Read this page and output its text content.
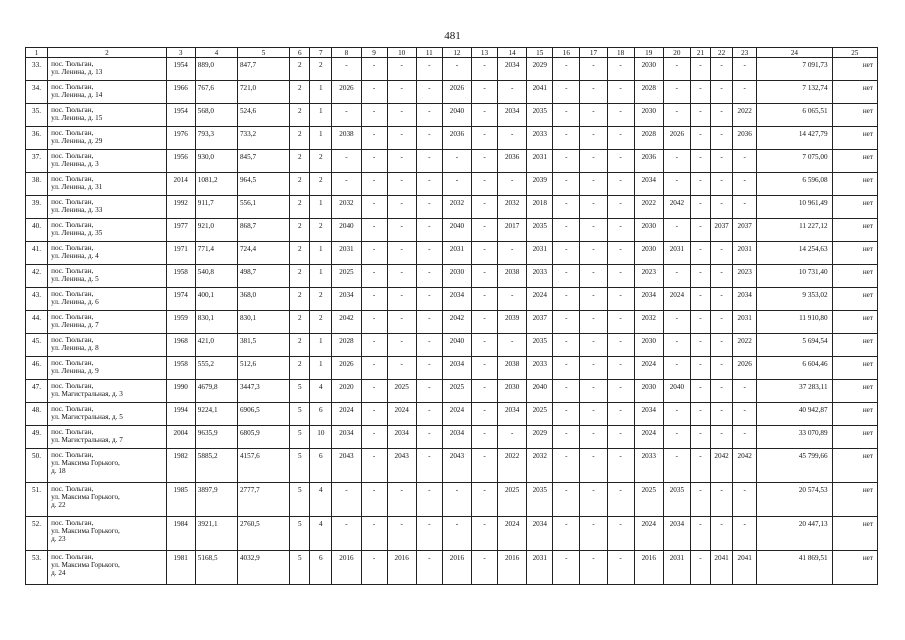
481
1	2	3	4	5	6	7	8	9	10	11	12	13	14	15	16	17	18	19	20	21	22	23	24	25
33.	пос. Тюльган,
ул. Ленина, д. 13	1954	889,0	847,7	2	2	-	-	-	-	-	-	2034	2029	-	-	-	2030	-	-	-	-	7 091,73	нет
34.	пос. Тюльган,
ул. Ленина, д. 14	1966	767,6	721,0	2	1	2026	-	-	-	2026	-	-	2041	-	-	-	2028	-	-	-	-	7 132,74	нет
35.	пос. Тюльган,
ул. Ленина, д. 15	1954	568,0	524,6	2	1	-	-	-	-	2040	-	2034	2035	-	-	-	2030	-	-	-	2022	6 065,51	нет
36.	пос. Тюльган,
ул. Ленина, д. 29	1976	793,3	733,2	2	1	2038	-	-	-	2036	-	-	2033	-	-	-	2028	2026	-	-	2036	14 427,79	нет
37.	пос. Тюльган,
ул. Ленина, д. 3	1956	930,0	845,7	2	2	-	-	-	-	-	-	2036	2031	-	-	-	2036	-	-	-	-	7 075,00	нет
38.	пос. Тюльган,
ул. Ленина, д. 31	2014	1081,2	964,5	2	2	-	-	-	-	-	-	-	2039	-	-	-	2034	-	-	-	-	6 596,08	нет
39.	пос. Тюльган,
ул. Ленина, д. 33	1992	911,7	556,1	2	1	2032	-	-	-	2032	-	2032	2018	-	-	-	2022	2042	-	-	-	10 961,49	нет
40.	пос. Тюльган,
ул. Ленина, д. 35	1977	921,0	868,7	2	2	2040	-	-	-	2040	-	2017	2035	-	-	-	2030	-	-	2037	2037	11 227,12	нет
41.	пос. Тюльган,
ул. Ленина, д. 4	1971	771,4	724,4	2	1	2031	-	-	-	2031	-	-	2031	-	-	-	2030	2031	-	-	2031	14 254,63	нет
42.	пос. Тюльган,
ул. Ленина, д. 5	1958	540,8	498,7	2	1	2025	-	-	-	2030	-	2038	2033	-	-	-	2023	-	-	-	2023	10 731,40	нет
43.	пос. Тюльган,
ул. Ленина, д. 6	1974	400,1	368,0	2	2	2034	-	-	-	2034	-	-	2024	-	-	-	2034	2024	-	-	2034	9 353,02	нет
44.	пос. Тюльган,
ул. Ленина, д. 7	1959	830,1	830,1	2	2	2042	-	-	-	2042	-	2039	2037	-	-	-	2032	-	-	-	2031	11 910,80	нет
45.	пос. Тюльган,
ул. Ленина, д. 8	1968	421,0	381,5	2	1	2028	-	-	-	2040	-	-	2035	-	-	-	2030	-	-	-	2022	5 694,54	нет
46.	пос. Тюльган,
ул. Ленина, д. 9	1958	555,2	512,6	2	1	2026	-	-	-	2034	-	2038	2033	-	-	-	2024	-	-	-	2026	6 604,46	нет
47.	пос. Тюльган,
ул. Магистральная, д. 3	1990	4679,8	3447,3	5	4	2020	-	2025	-	2025	-	2030	2040	-	-	-	2030	2040	-	-	-	37 283,11	нет
48.	пос. Тюльган,
ул. Магистральная, д. 5	1994	9224,1	6906,5	5	6	2024	-	2024	-	2024	-	2034	2025	-	-	-	2034	-	-	-	-	40 942,87	нет
49.	пос. Тюльган,
ул. Магистральная, д. 7	2004	9635,9	6805,9	5	10	2034	-	2034	-	2034	-	-	2029	-	-	-	2024	-	-	-	-	33 070,89	нет
50.	пос. Тюльган,
ул. Максима Горького,
д. 18	1982	5885,2	4157,6	5	6	2043	-	2043	-	2043	-	2022	2032	-	-	-	2033	-	-	2042	2042	45 799,66	нет
51.	пос. Тюльган,
ул. Максима Горького,
д. 22	1985	3897,9	2777,7	5	4	-	-	-	-	-	-	2025	2035	-	-	-	2025	2035	-	-	-	20 574,53	нет
52.	пос. Тюльган,
ул. Максима Горького,
д. 23	1984	3921,1	2760,5	5	4	-	-	-	-	-	-	2024	2034	-	-	-	2024	2034	-	-	-	20 447,13	нет
53.	пос. Тюльган,
ул. Максима Горького,
д. 24	1981	5168,5	4032,9	5	6	2016	-	2016	-	2016	-	2016	2031	-	-	-	2016	2031	-	2041	2041	41 869,51	нет
